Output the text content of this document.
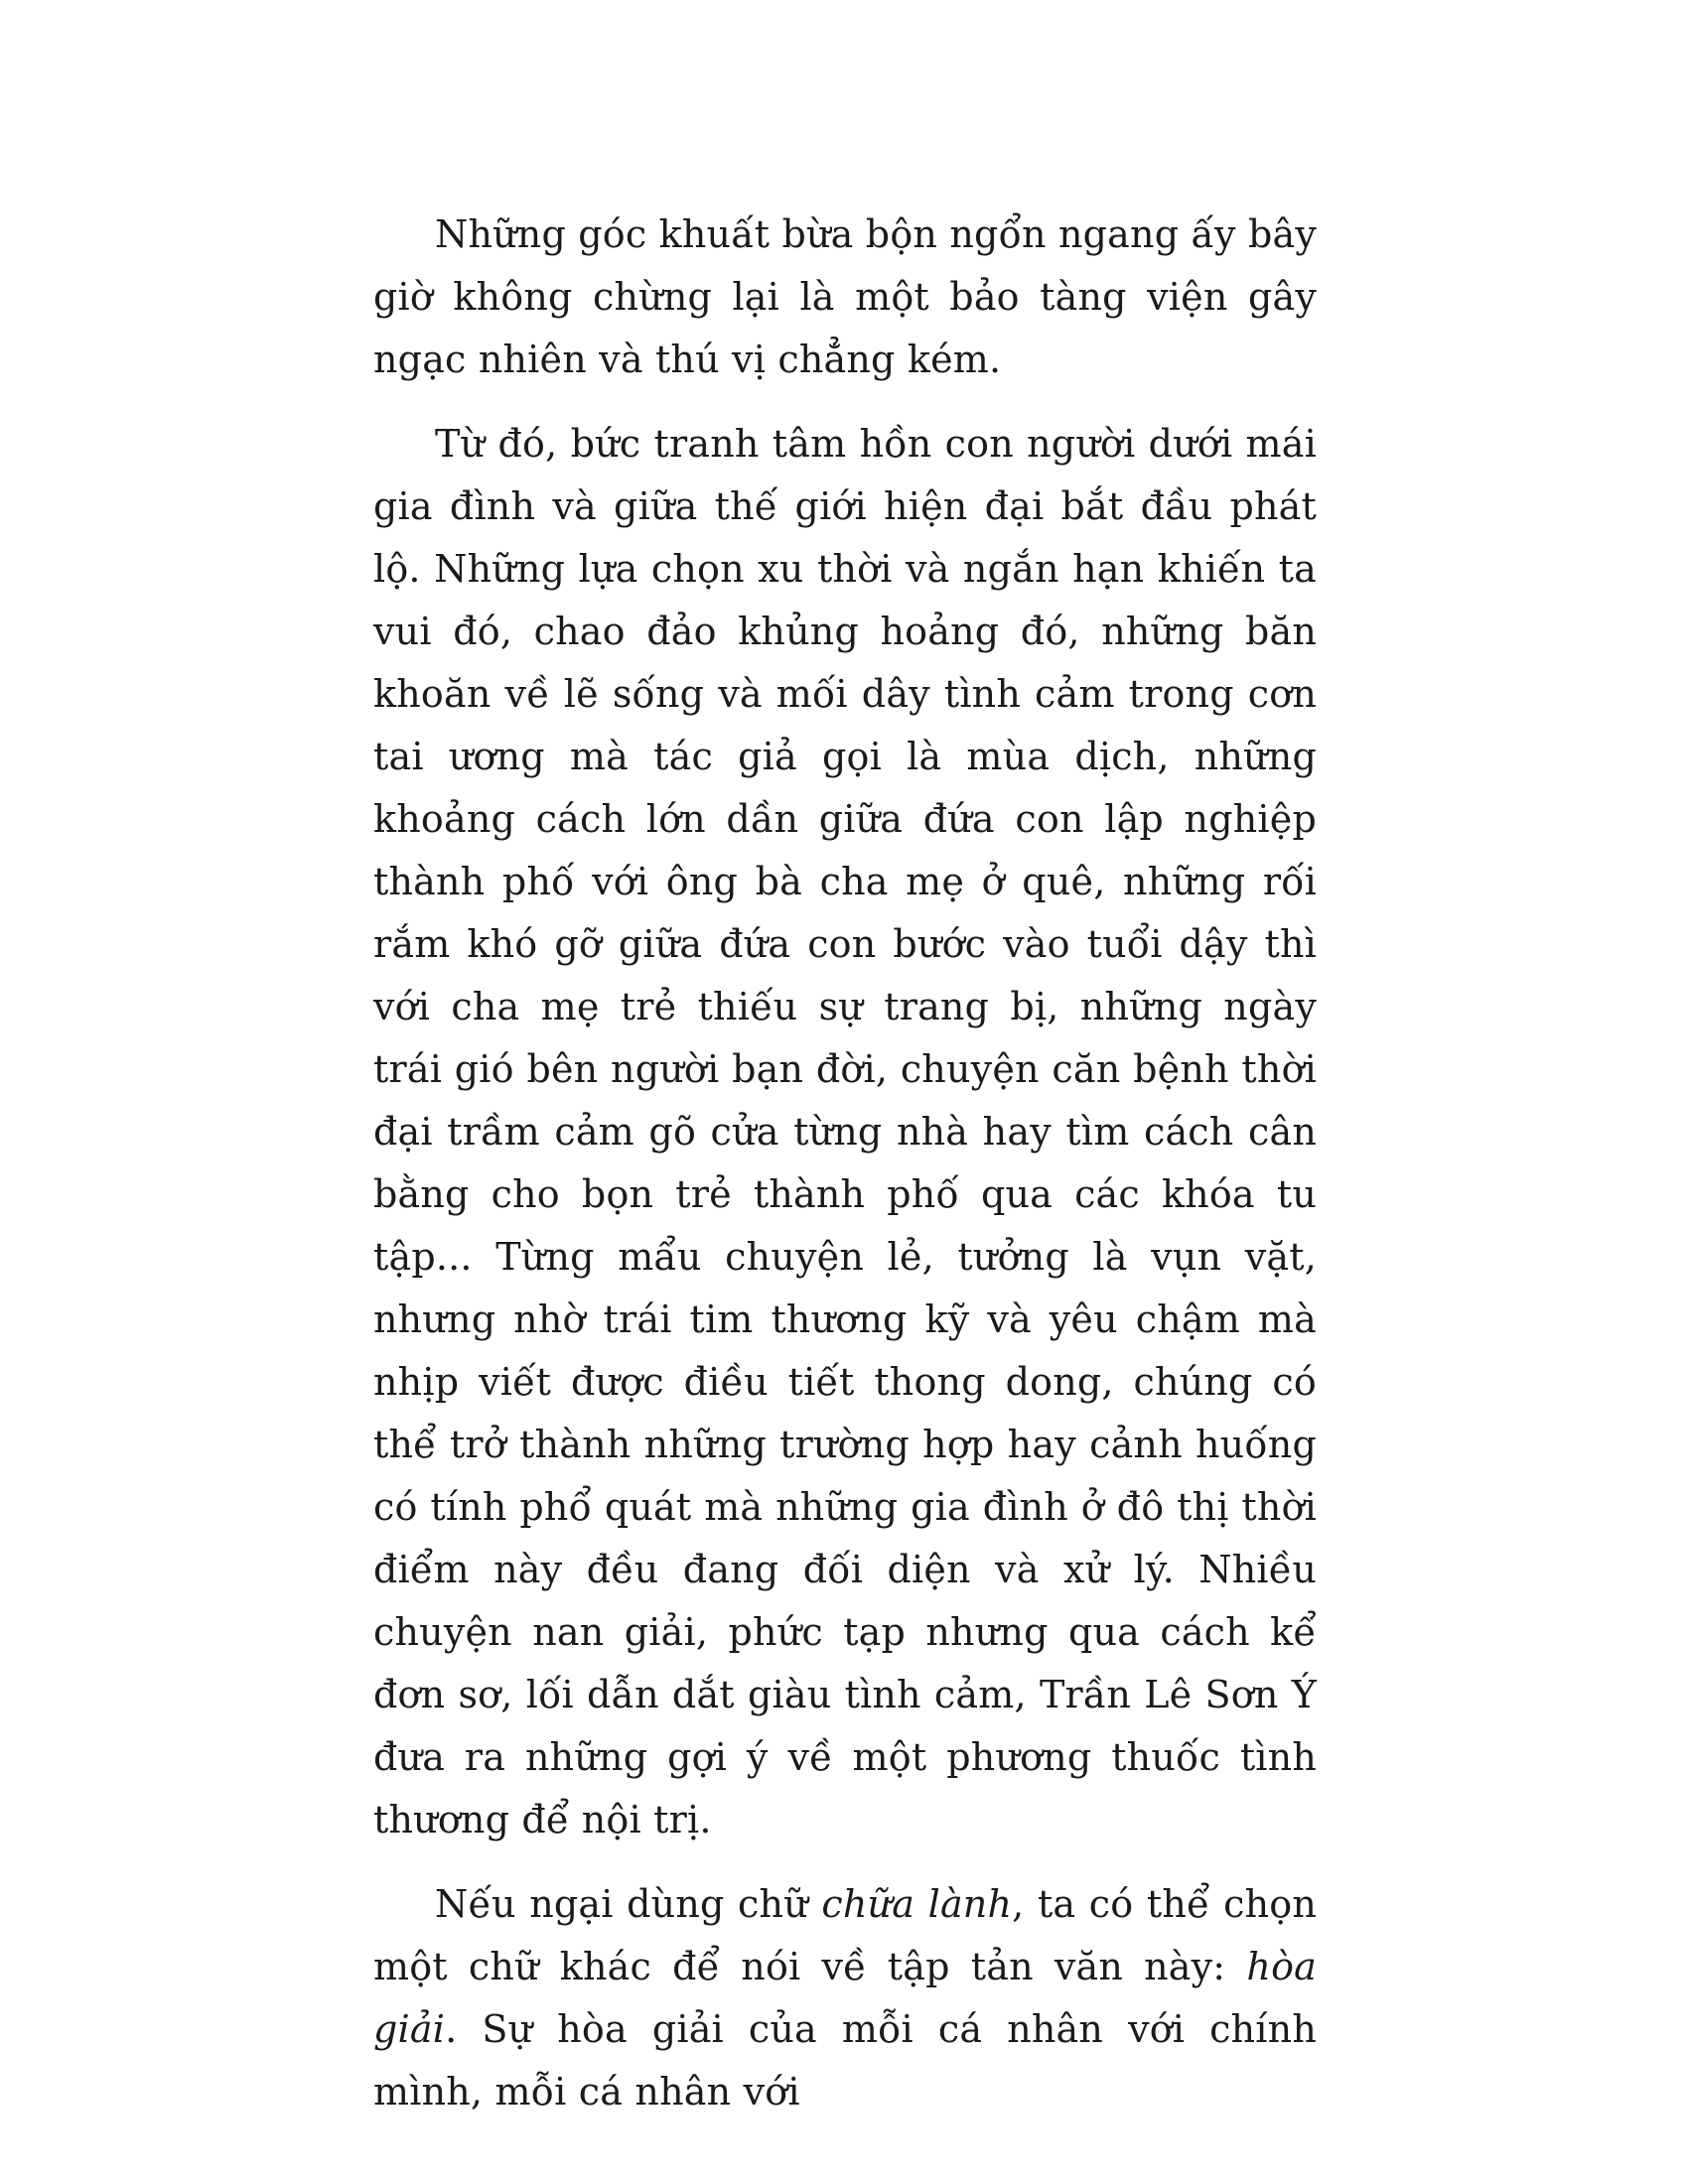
Những góc khuất bừa bộn ngổn ngang ấy bây giờ không chừng lại là một bảo tàng viện gây ngạc nhiên và thú vị chẳng kém.

Từ đó, bức tranh tâm hồn con người dưới mái gia đình và giữa thế giới hiện đại bắt đầu phát lộ. Những lựa chọn xu thời và ngắn hạn khiến ta vui đó, chao đảo khủng hoảng đó, những băn khoăn về lẽ sống và mối dây tình cảm trong cơn tai ương mà tác giả gọi là mùa dịch, những khoảng cách lớn dần giữa đứa con lập nghiệp thành phố với ông bà cha mẹ ở quê, những rối rắm khó gỡ giữa đứa con bước vào tuổi dậy thì với cha mẹ trẻ thiếu sự trang bị, những ngày trái gió bên người bạn đời, chuyện căn bệnh thời đại trầm cảm gõ cửa từng nhà hay tìm cách cân bằng cho bọn trẻ thành phố qua các khóa tu tập... Từng mẩu chuyện lẻ, tưởng là vụn vặt, nhưng nhờ trái tim thương kỹ và yêu chậm mà nhịp viết được điều tiết thong dong, chúng có thể trở thành những trường hợp hay cảnh huống có tính phổ quát mà những gia đình ở đô thị thời điểm này đều đang đối diện và xử lý. Nhiều chuyện nan giải, phức tạp nhưng qua cách kể đơn sơ, lối dẫn dắt giàu tình cảm, Trần Lê Sơn Ý đưa ra những gợi ý về một phương thuốc tình thương để nội trị.

Nếu ngại dùng chữ chữa lành, ta có thể chọn một chữ khác để nói về tập tản văn này: hòa giải. Sự hòa giải của mỗi cá nhân với chính mình, mỗi cá nhân với
